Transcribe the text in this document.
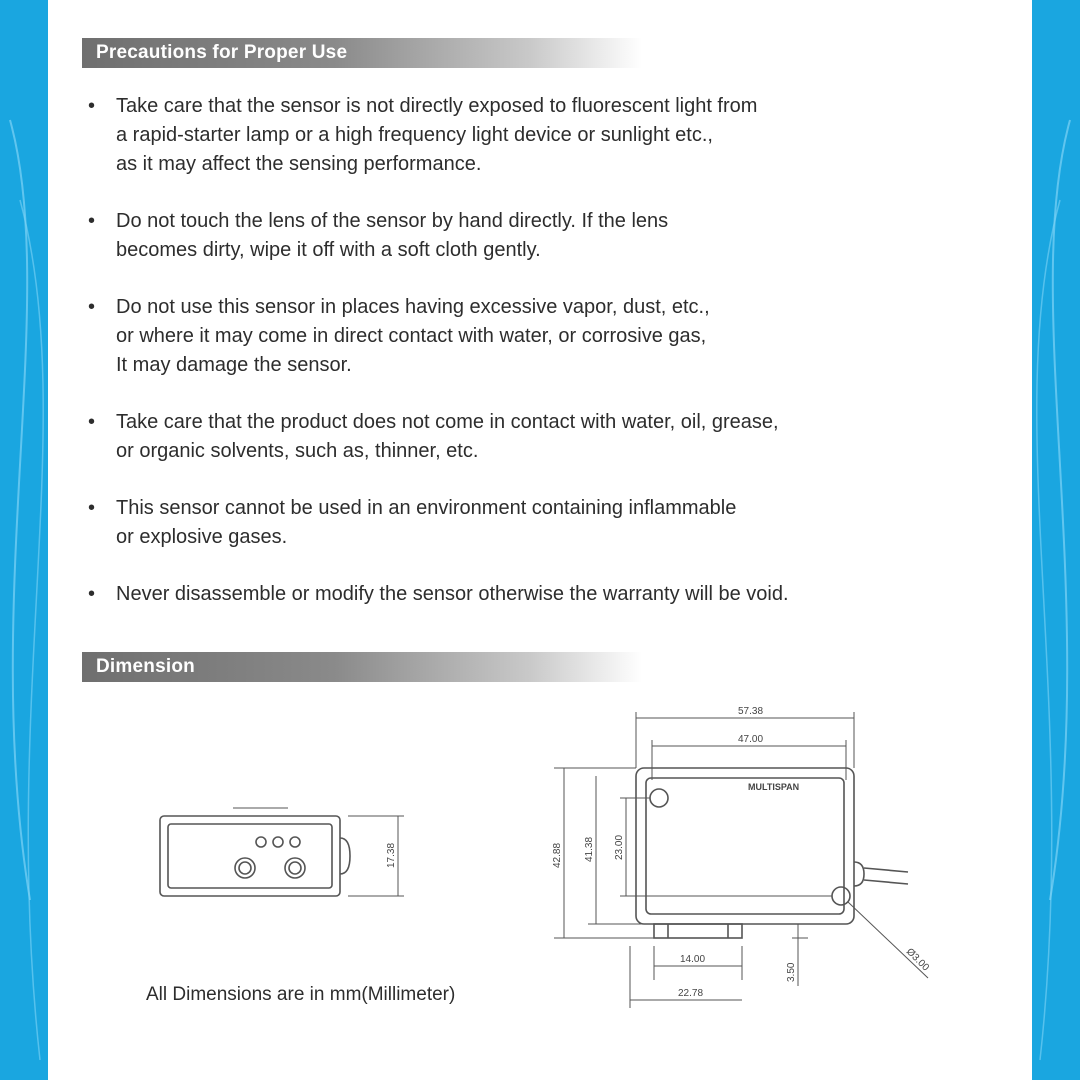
Precautions for Proper Use
• Take care that the sensor is not directly exposed to fluorescent light from
a rapid-starter lamp or a high frequency light device or sunlight etc.,
as it may affect the sensing performance.
• Do not touch the lens of the sensor by hand directly. If the lens
becomes dirty, wipe it off with a soft cloth gently.
• Do not use this sensor in places having excessive vapor, dust, etc.,
or where it may come in direct contact with water, or corrosive gas,
It may damage the sensor.
• Take care that the product does not come in contact with water, oil, grease,
or organic solvents, such as, thinner, etc.
• This sensor cannot be used in an environment containing inflammable
or explosive gases.
• Never disassemble or modify the sensor otherwise the warranty will be void.
Dimension
57.38
47.00
42.88 41.38 23.00
14.00
22.78
3.50	Ø3.00
17.38
MULTISPAN
All Dimensions are in mm(Millimeter)
